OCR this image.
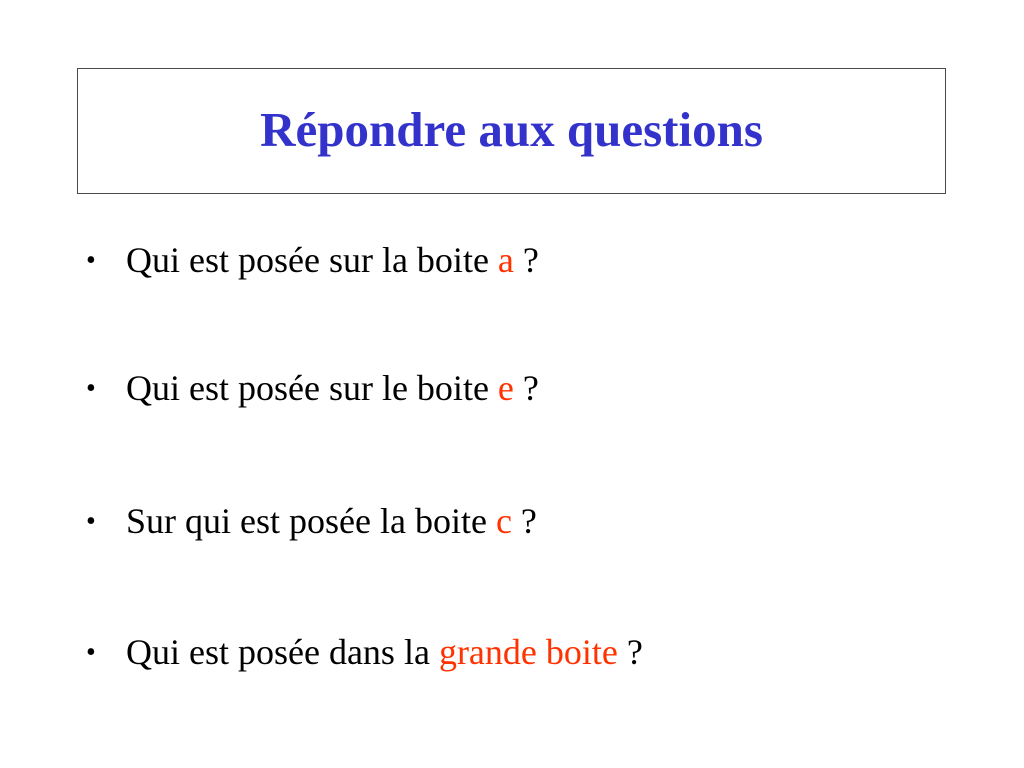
Répondre aux questions
• Qui est posée sur la boite a ?
• Qui est posée sur le boite e ?
• Sur qui est posée la boite c ?
• Qui est posée dans la grande boite ?
